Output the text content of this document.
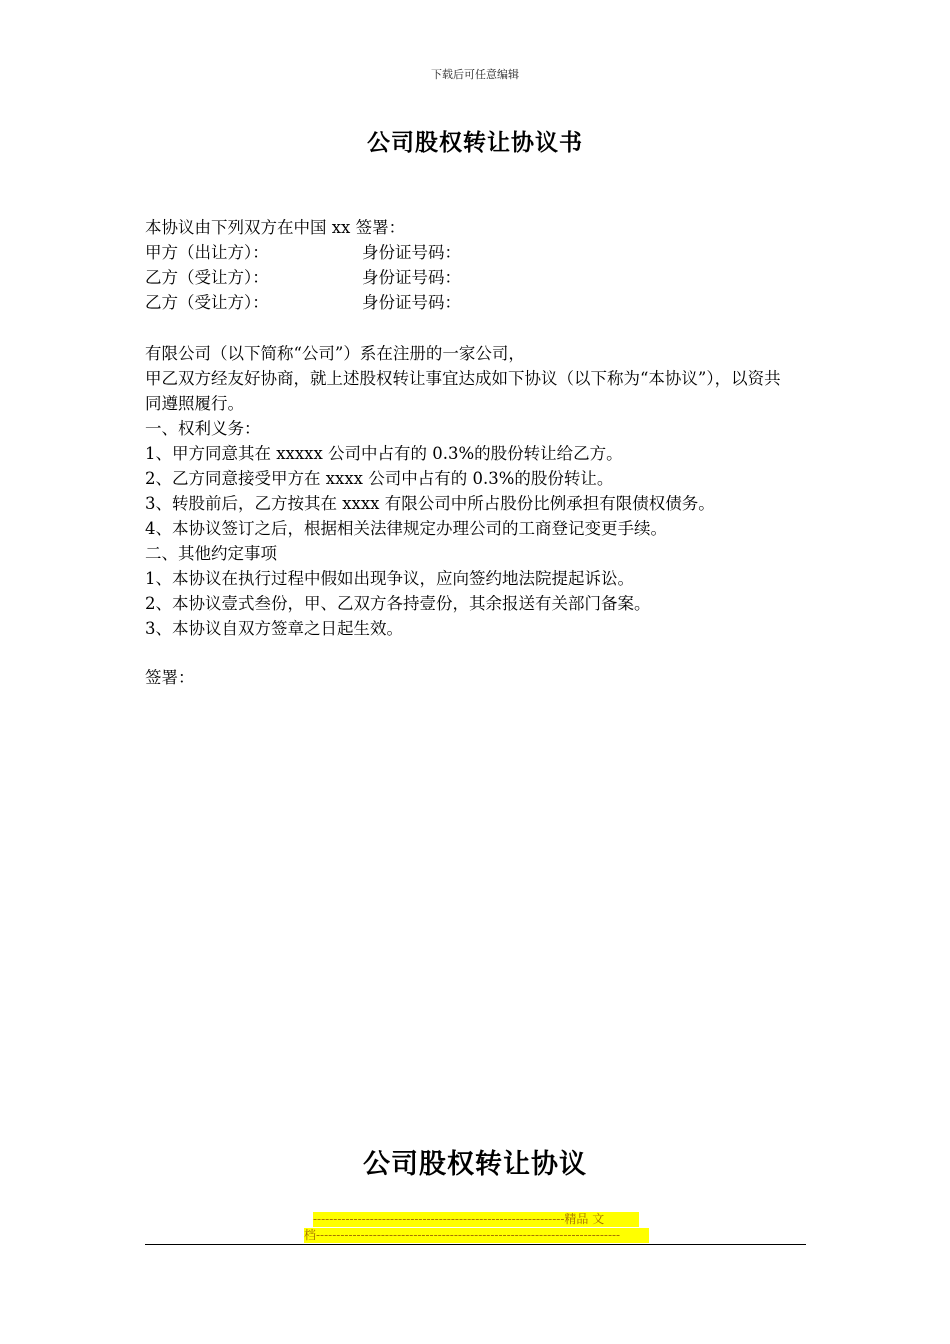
下载后可任意编辑
公司股权转让协议书
本协议由下列双方在中国 xx 签署：
甲方（出让方）：	身份证号码：
乙方（受让方）：	身份证号码：
乙方（受让方）：	身份证号码：
有限公司（以下简称“公司”）系在注册的一家公司，
甲乙双方经友好协商，就上述股权转让事宜达成如下协议（以下称为“本协议”），以资共同遵照履行。
一、权利义务：
1、甲方同意其在 xxxxx 公司中占有的 0.3%的股份转让给乙方。
2、乙方同意接受甲方在 xxxx 公司中占有的 0.3%的股份转让。
3、转股前后，乙方按其在 xxxx 有限公司中所占股份比例承担有限债权债务。
4、本协议签订之后，根据相关法律规定办理公司的工商登记变更手续。
二、其他约定事项
1、本协议在执行过程中假如出现争议，应向签约地法院提起诉讼。
2、本协议壹式叁份，甲、乙双方各持壹份，其余报送有关部门备案。
3、本协议自双方签章之日起生效。
签署：
公司股权转让协议
--------------------------------------------------------------精品 文
档---------------------------------------------------------------------------
